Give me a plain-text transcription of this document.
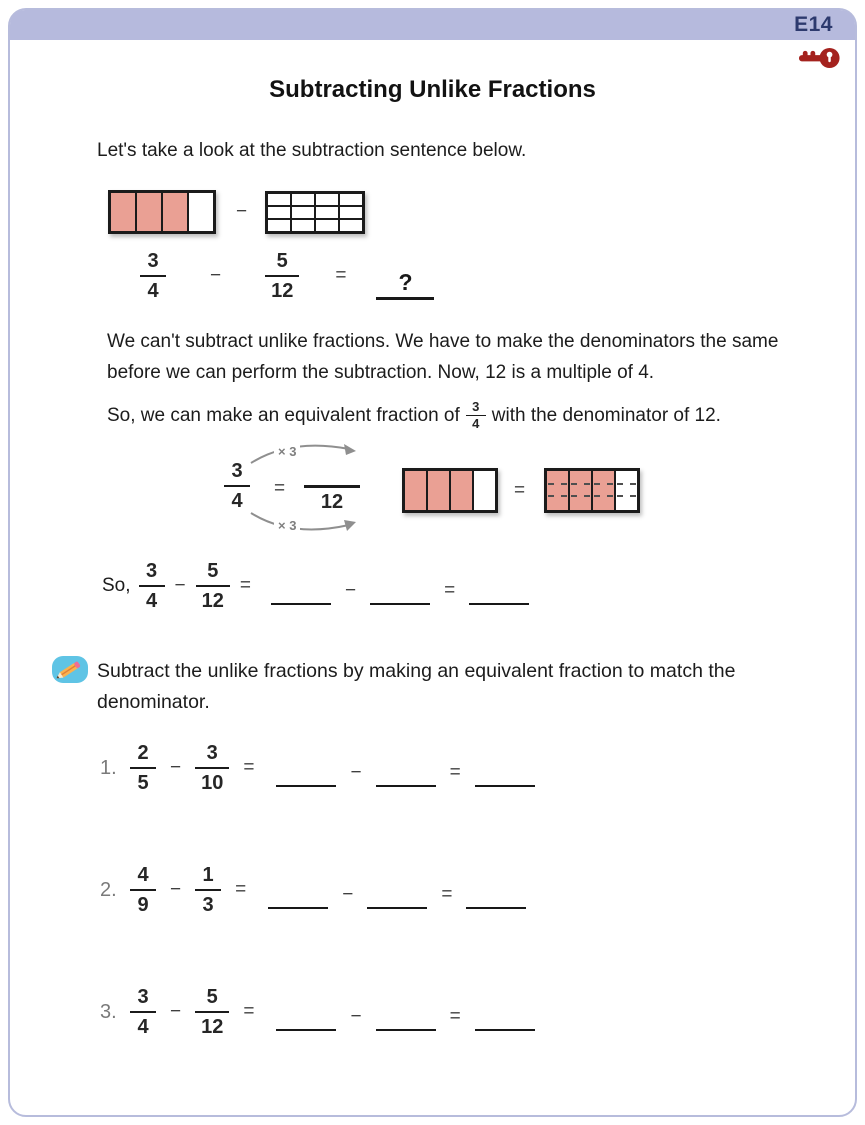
E14
Subtracting Unlike Fractions
Let's take a look at the subtraction sentence below.
−
$\frac{3}{4} - \frac{5}{12}$ =	?
We can't subtract unlike fractions. We have to make the denominators the same before we can perform the subtraction. Now, 12 is a multiple of 4.
So, we can make an equivalent fraction of $\frac{3}{4}$ with the denominator of 12.
× 3
× 3
3
4
=
12
=
So, $\frac{3}{4} - \frac{5}{12}$ =	−	=
Subtract the unlike fractions by making an equivalent fraction to match the denominator.
1. $\frac{2}{5} - \frac{3}{10}$ =	−	=
2. $\frac{4}{9} - \frac{1}{3}$ =	−	=
3. $\frac{3}{4} - \frac{5}{12}$ =	−	=
